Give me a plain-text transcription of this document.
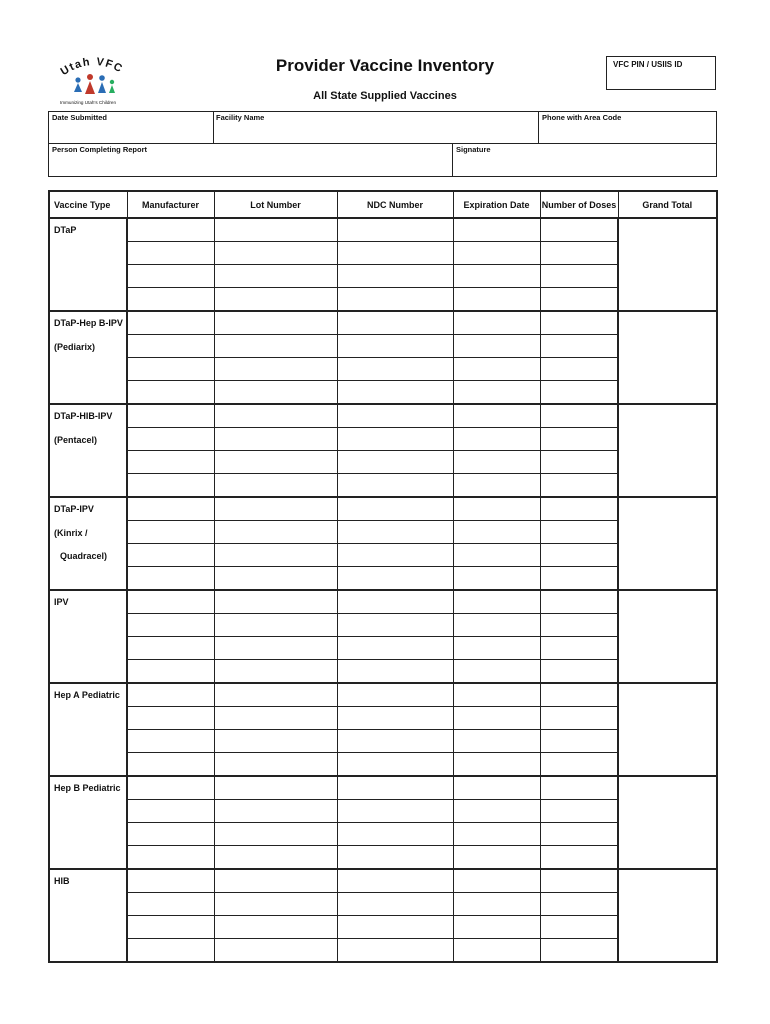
Utah VFC
Immunizing Utah's Children
Provider Vaccine Inventory
All State Supplied Vaccines
VFC PIN / USIIS ID
Date Submitted	Facility Name	Phone with Area Code
Person Completing Report	Signature
Vaccine Type	Manufacturer	Lot Number	NDC Number	Expiration Date	Number of Doses	Grand Total

DTaP						

DTaP-Hep B-IPV
(Pediarix)						

DTaP-HIB-IPV
(Pentacel)						

DTaP-IPV
(Kinrix /
Quadracel)						

IPV						

Hep A Pediatric						

Hep B Pediatric						

HIB						
